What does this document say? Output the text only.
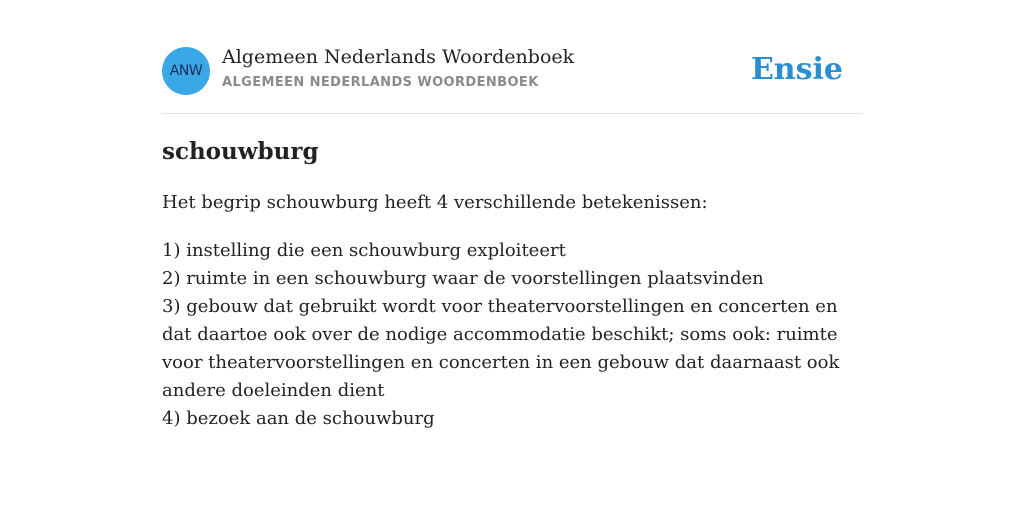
ANW
Algemeen Nederlands Woordenboek
ALGEMEEN NEDERLANDS WOORDENBOEK	Ensie
schouwburg

Het begrip schouwburg heeft 4 verschillende betekenissen:

1) instelling die een schouwburg exploiteert
2) ruimte in een schouwburg waar de voorstellingen plaatsvinden
3) gebouw dat gebruikt wordt voor theatervoorstellingen en concerten en dat daartoe ook over de nodige accommodatie beschikt; soms ook: ruimte voor theatervoorstellingen en concerten in een gebouw dat daarnaast ook andere doeleinden dient
4) bezoek aan de schouwburg
